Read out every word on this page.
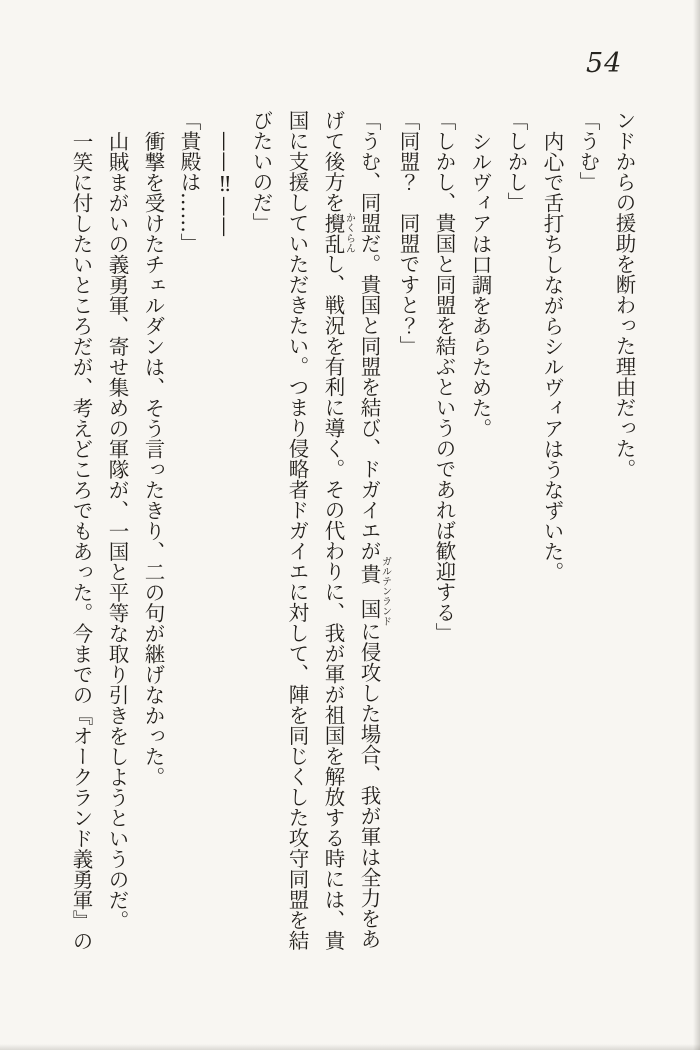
54

ンドからの援助を断わった理由だった。

「うむ」

内心で舌打ちしながらシルヴィアはうなずいた。

「しかし」

シルヴィアは口調をあらためた。

「しかし、貴国と同盟を結ぶというのであれば歓迎する」

「同盟？　同盟ですと？」

「うむ、同盟だ。貴国と同盟を結び、ドガイエが貴国ガルテンランドに侵攻した場合、我が軍は全力をあげて後方を攪乱かくらんし、戦況を有利に導く。その代わりに、我が軍が祖国を解放する時には、貴国に支援していただきたい。つまり侵略者ドガイエに対して、陣を同じくした攻守同盟を結びたいのだ」

——‼——

「貴殿は……」

衝撃を受けたチェルダンは、そう言ったきり、二の句が継げなかった。

山賊まがいの義勇軍、寄せ集めの軍隊が、一国と平等な取り引きをしようというのだ。

一笑に付したいところだが、考えどころでもあった。今までの『オークランド義勇軍』の
